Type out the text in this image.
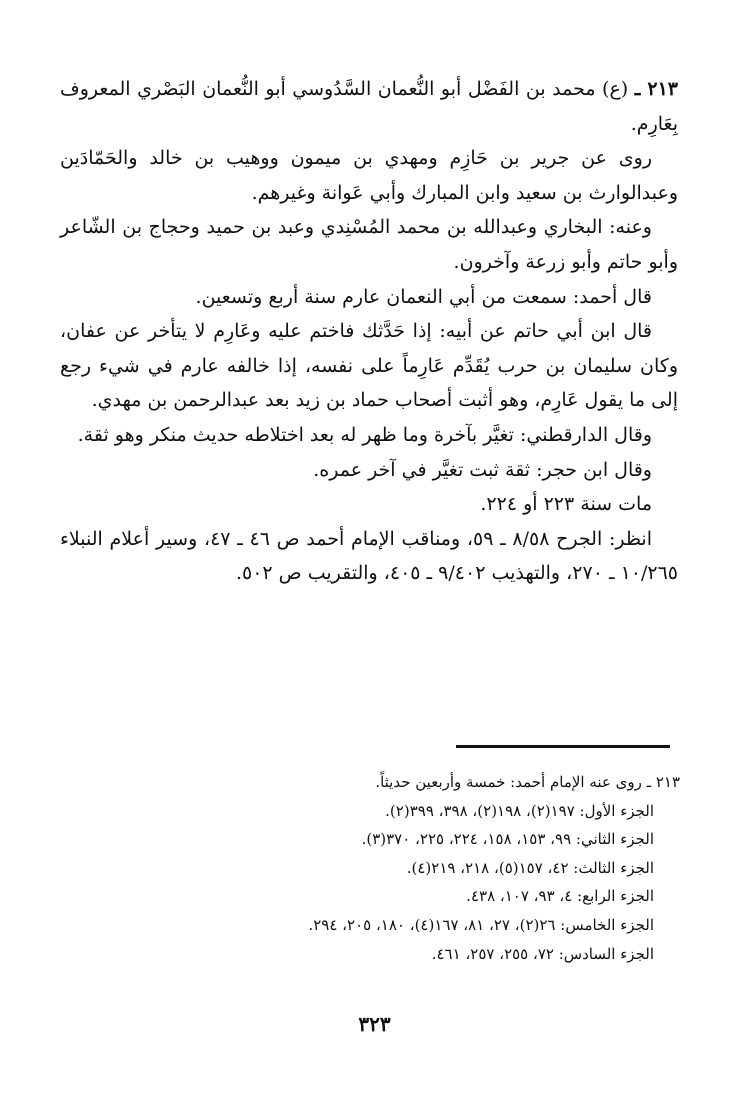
٢١٣ ـ (ع) محمد بن الفَضْل أبو النُّعمان السَّدُوسي أبو النُّعمان البَصْري المعروف بِعَارِم.

روى عن جرير بن حَازِم ومهدي بن ميمون ووهيب بن خالد والحَمّادَين وعبدالوارث بن سعيد وابن المبارك وأبي عَوانة وغيرهم.

وعنه: البخاري وعبدالله بن محمد المُسْنِدي وعبد بن حميد وحجاج بن الشّاعر وأبو حاتم وأبو زرعة وآخرون.

قال أحمد: سمعت من أبي النعمان عارم سنة أربع وتسعين.

قال ابن أبي حاتم عن أبيه: إذا حَدَّثك فاختم عليه وعَارِم لا يتأخر عن عفان، وكان سليمان بن حرب يُقَدِّم عَارِماً على نفسه، إذا خالفه عارم في شيء رجع إلى ما يقول عَارِم، وهو أثبت أصحاب حماد بن زيد بعد عبدالرحمن بن مهدي.

وقال الدارقطني: تغيَّر بآخرة وما ظهر له بعد اختلاطه حديث منكر وهو ثقة.

وقال ابن حجر: ثقة ثبت تغيَّر في آخر عمره.

مات سنة ٢٢٣ أو ٢٢٤.

انظر: الجرح ٨/٥٨ ـ ٥٩، ومناقب الإمام أحمد ص ٤٦ ـ ٤٧، وسير أعلام النبلاء ١٠/٢٦٥ ـ ٢٧٠، والتهذيب ٩/٤٠٢ ـ ٤٠٥، والتقريب ص ٥٠٢.

٢١٣ ـ روى عنه الإمام أحمد: خمسة وأربعين حديثاً.

الجزء الأول: ١٩٧(٢)، ١٩٨(٢)، ٣٩٨، ٣٩٩(٢).

الجزء الثاني: ٩٩، ١٥٣، ١٥٨، ٢٢٤، ٢٢٥، ٣٧٠(٣).

الجزء الثالث: ٤٢، ١٥٧(٥)، ٢١٨، ٢١٩(٤).

الجزء الرابع: ٤، ٩٣، ١٠٧، ٤٣٨.

الجزء الخامس: ٢٦(٢)، ٢٧، ٨١، ١٦٧(٤)، ١٨٠، ٢٠٥، ٢٩٤.

الجزء السادس: ٧٢، ٢٥٥، ٢٥٧، ٤٦١.

٣٢٣
